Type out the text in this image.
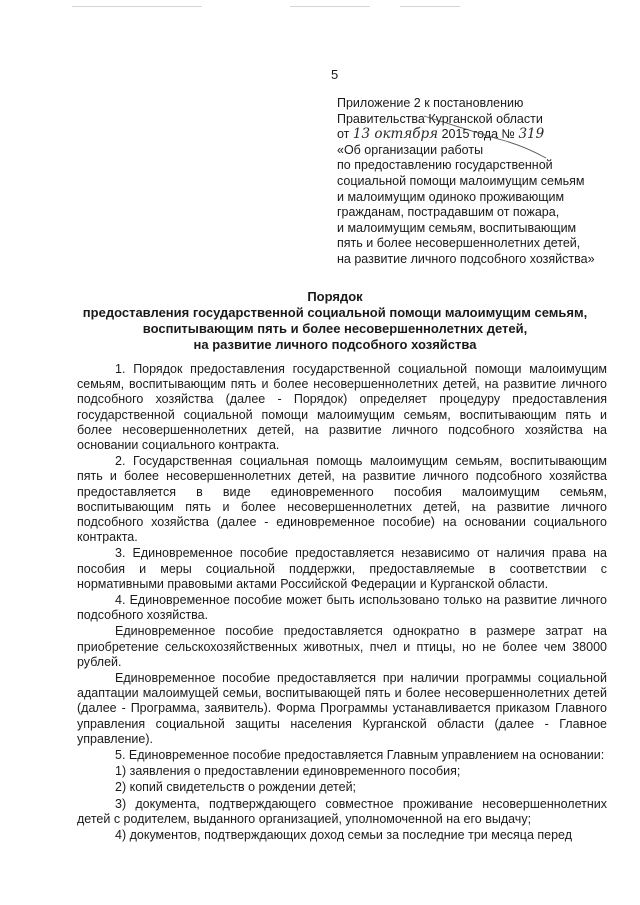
5
Приложение 2 к постановлению
Правительства Курганской области
от 13 октября 2015 года № 319
«Об организации работы
по предоставлению государственной
социальной помощи малоимущим семьям
и малоимущим одиноко проживающим
гражданам, пострадавшим от пожара,
и малоимущим семьям, воспитывающим
пять и более несовершеннолетних детей,
на развитие личного подсобного хозяйства»
Порядок
предоставления государственной социальной помощи малоимущим семьям,
воспитывающим пять и более несовершеннолетних детей,
на развитие личного подсобного хозяйства

1. Порядок предоставления государственной социальной помощи малоимущим семьям, воспитывающим пять и более несовершеннолетних детей, на развитие личного подсобного хозяйства (далее - Порядок) определяет процедуру предоставления государственной социальной помощи малоимущим семьям, воспитывающим пять и более несовершеннолетних детей, на развитие личного подсобного хозяйства на основании социального контракта.

2. Государственная социальная помощь малоимущим семьям, воспитывающим пять и более несовершеннолетних детей, на развитие личного подсобного хозяйства предоставляется в виде единовременного пособия малоимущим семьям, воспитывающим пять и более несовершеннолетних детей, на развитие личного подсобного хозяйства (далее - единовременное пособие) на основании социального контракта.

3. Единовременное пособие предоставляется независимо от наличия права на пособия и меры социальной поддержки, предоставляемые в соответствии с нормативными правовыми актами Российской Федерации и Курганской области.

4. Единовременное пособие может быть использовано только на развитие личного подсобного хозяйства.

Единовременное пособие предоставляется однократно в размере затрат на приобретение сельскохозяйственных животных, пчел и птицы, но не более чем 38000 рублей.

Единовременное пособие предоставляется при наличии программы социальной адаптации малоимущей семьи, воспитывающей пять и более несовершеннолетних детей (далее - Программа, заявитель). Форма Программы устанавливается приказом Главного управления социальной защиты населения Курганской области (далее - Главное управление).

5. Единовременное пособие предоставляется Главным управлением на основании:

1) заявления о предоставлении единовременного пособия;

2) копий свидетельств о рождении детей;

3) документа, подтверждающего совместное проживание несовершеннолетних детей с родителем, выданного организацией, уполномоченной на его выдачу;

4) документов, подтверждающих доход семьи за последние три месяца перед
